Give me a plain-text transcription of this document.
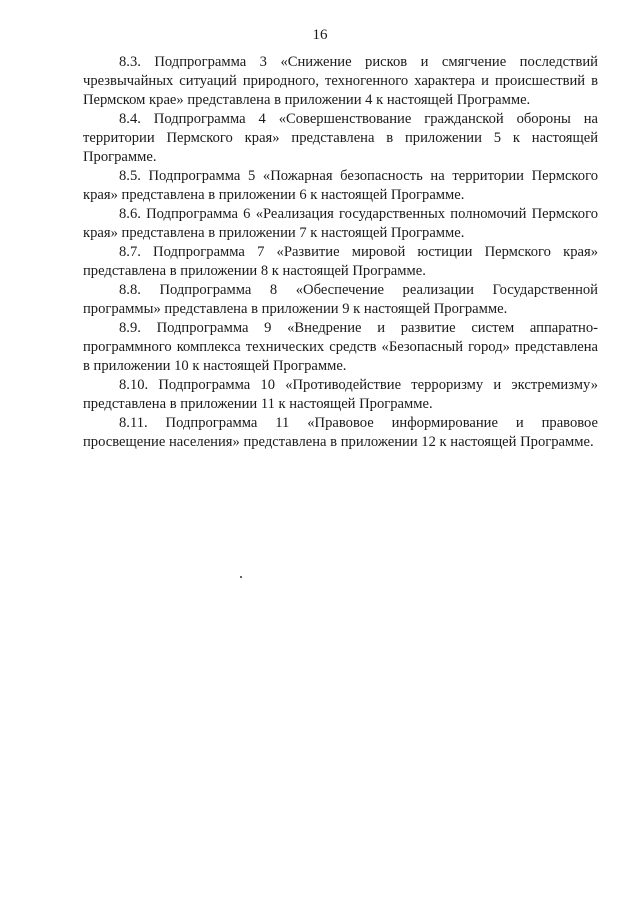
16

8.3. Подпрограмма 3 «Снижение рисков и смягчение последствий чрезвычайных ситуаций природного, техногенного характера и происшествий в Пермском крае» представлена в приложении 4 к настоящей Программе.

8.4. Подпрограмма 4 «Совершенствование гражданской обороны на территории Пермского края» представлена в приложении 5 к настоящей Программе.

8.5. Подпрограмма 5 «Пожарная безопасность на территории Пермского края» представлена в приложении 6 к настоящей Программе.

8.6. Подпрограмма 6 «Реализация государственных полномочий Пермского края» представлена в приложении 7 к настоящей Программе.

8.7. Подпрограмма 7 «Развитие мировой юстиции Пермского края» представлена в приложении 8 к настоящей Программе.

8.8. Подпрограмма 8 «Обеспечение реализации Государственной программы» представлена в приложении 9 к настоящей Программе.

8.9. Подпрограмма 9 «Внедрение и развитие систем аппаратно-программного комплекса технических средств «Безопасный город» представлена в приложении 10 к настоящей Программе.

8.10. Подпрограмма 10 «Противодействие терроризму и экстремизму» представлена в приложении 11 к настоящей Программе.

8.11. Подпрограмма 11 «Правовое информирование и правовое просвещение населения» представлена в приложении 12 к настоящей Программе.
